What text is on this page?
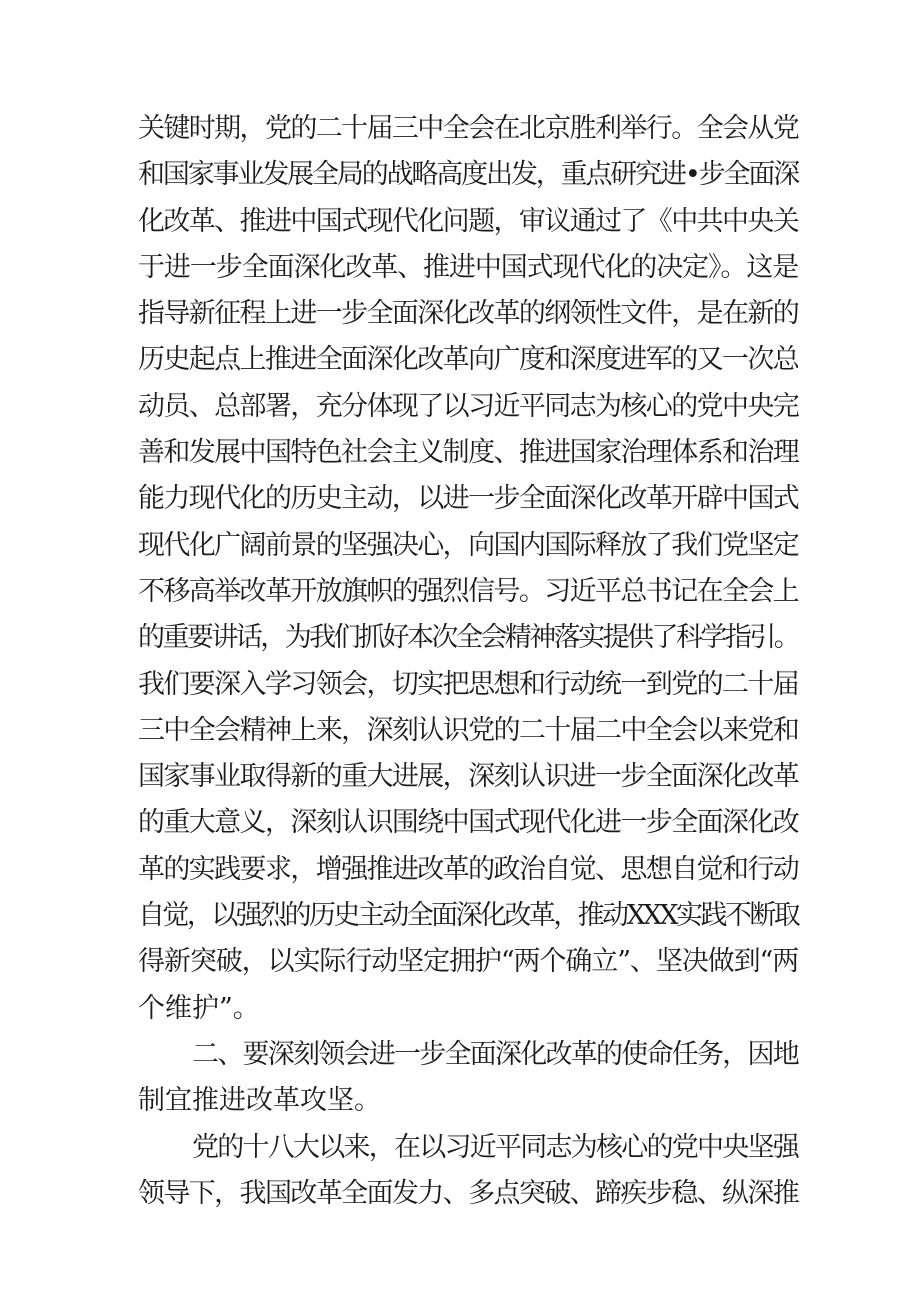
关键时期，党的二十届三中全会在北京胜利举行。全会从党
和国家事业发展全局的战略高度出发，重点研究进•步全面深
化改革、推进中国式现代化问题，审议通过了《中共中央关
于进一步全面深化改革、推进中国式现代化的决定》。这是
指导新征程上进一步全面深化改革的纲领性文件，是在新的
历史起点上推进全面深化改革向广度和深度进军的又一次总
动员、总部署，充分体现了以习近平同志为核心的党中央完
善和发展中国特色社会主义制度、推进国家治理体系和治理
能力现代化的历史主动，以进一步全面深化改革开辟中国式
现代化广阔前景的坚强决心，向国内国际释放了我们党坚定
不移高举改革开放旗帜的强烈信号。习近平总书记在全会上
的重要讲话，为我们抓好本次全会精神落实提供了科学指引。
我们要深入学习领会，切实把思想和行动统一到党的二十届
三中全会精神上来，深刻认识党的二十届二中全会以来党和
国家事业取得新的重大进展，深刻认识进一步全面深化改革
的重大意义，深刻认识围绕中国式现代化进一步全面深化改
革的实践要求，增强推进改革的政治自觉、思想自觉和行动
自觉，以强烈的历史主动全面深化改革，推动XXX实践不断取
得新突破，以实际行动坚定拥护“两个确立”、坚决做到“两
个维护”。
二、要深刻领会进一步全面深化改革的使命任务，因地
制宜推进改革攻坚。
党的十八大以来，在以习近平同志为核心的党中央坚强
领导下，我国改革全面发力、多点突破、蹄疾步稳、纵深推
